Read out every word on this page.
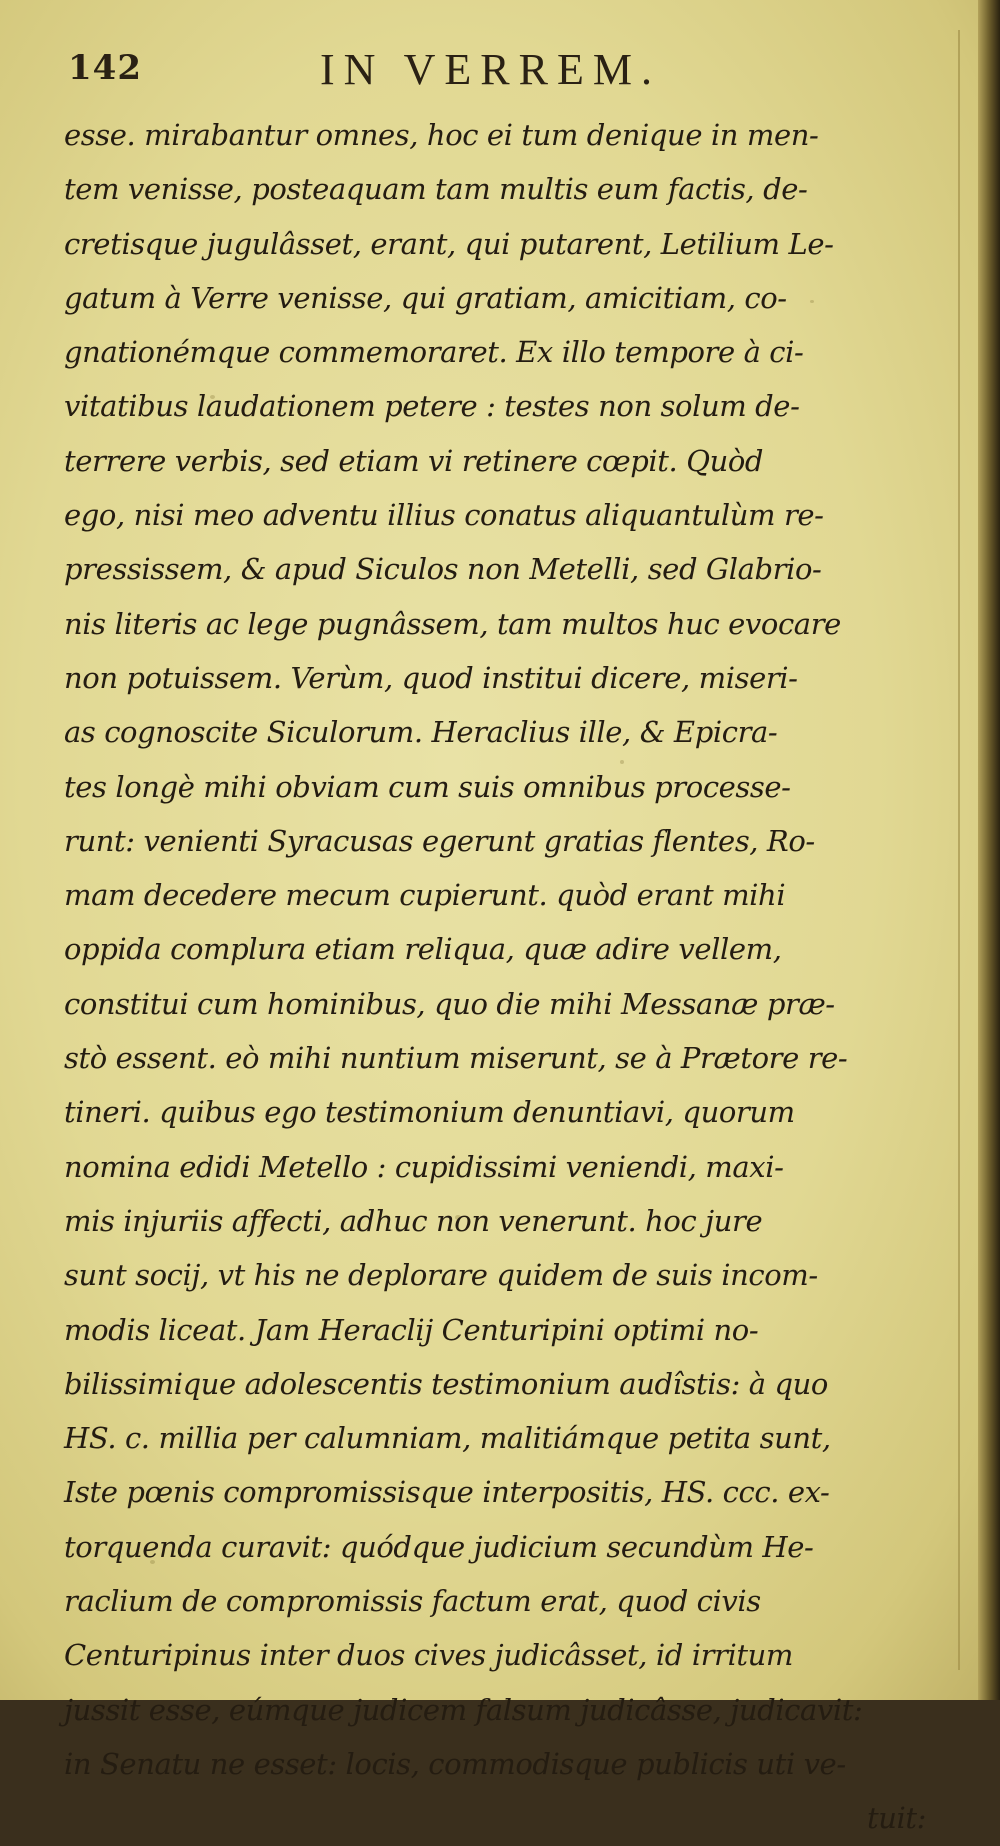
142	IN VERREM.
esse. mirabantur omnes, hoc ei tum denique in men-
tem venisse, posteaquam tam multis eum factis, de-
cretisque jugulâsset, erant, qui putarent, Letilium Le-
gatum à Verre venisse, qui gratiam, amicitiam, co-
gnationémque commemoraret. Ex illo tempore à ci-
vitatibus laudationem petere : testes non solum de-
terrere verbis, sed etiam vi retinere cœpit. Quòd
ego, nisi meo adventu illius conatus aliquantulùm re-
pressissem, & apud Siculos non Metelli, sed Glabrio-
nis literis ac lege pugnâssem, tam multos huc evocare
non potuissem. Verùm, quod institui dicere, miseri-
as cognoscite Siculorum. Heraclius ille, & Epicra-
tes longè mihi obviam cum suis omnibus processe-
runt: venienti Syracusas egerunt gratias flentes, Ro-
mam decedere mecum cupierunt. quòd erant mihi
oppida complura etiam reliqua, quæ adire vellem,
constitui cum hominibus, quo die mihi Messanæ præ-
stò essent. eò mihi nuntium miserunt, se à Prætore re-
tineri. quibus ego testimonium denuntiavi, quorum
nomina edidi Metello : cupidissimi veniendi, maxi-
mis injuriis affecti, adhuc non venerunt. hoc jure
sunt socij, vt his ne deplorare quidem de suis incom-
modis liceat. Jam Heraclij Centuripini optimi no-
bilissimique adolescentis testimonium audîstis: à quo
HS. c. millia per calumniam, malitiámque petita sunt,
Iste pœnis compromissisque interpositis, HS. ccc. ex-
torquenda curavit: quódque judicium secundùm He-
raclium de compromissis factum erat, quod civis
Centuripinus inter duos cives judicâsset, id irritum
jussit esse, eúmque judicem falsum judicâsse, judicavit:
in Senatu ne esset: locis, commodisque publicis uti ve-
tuit:
